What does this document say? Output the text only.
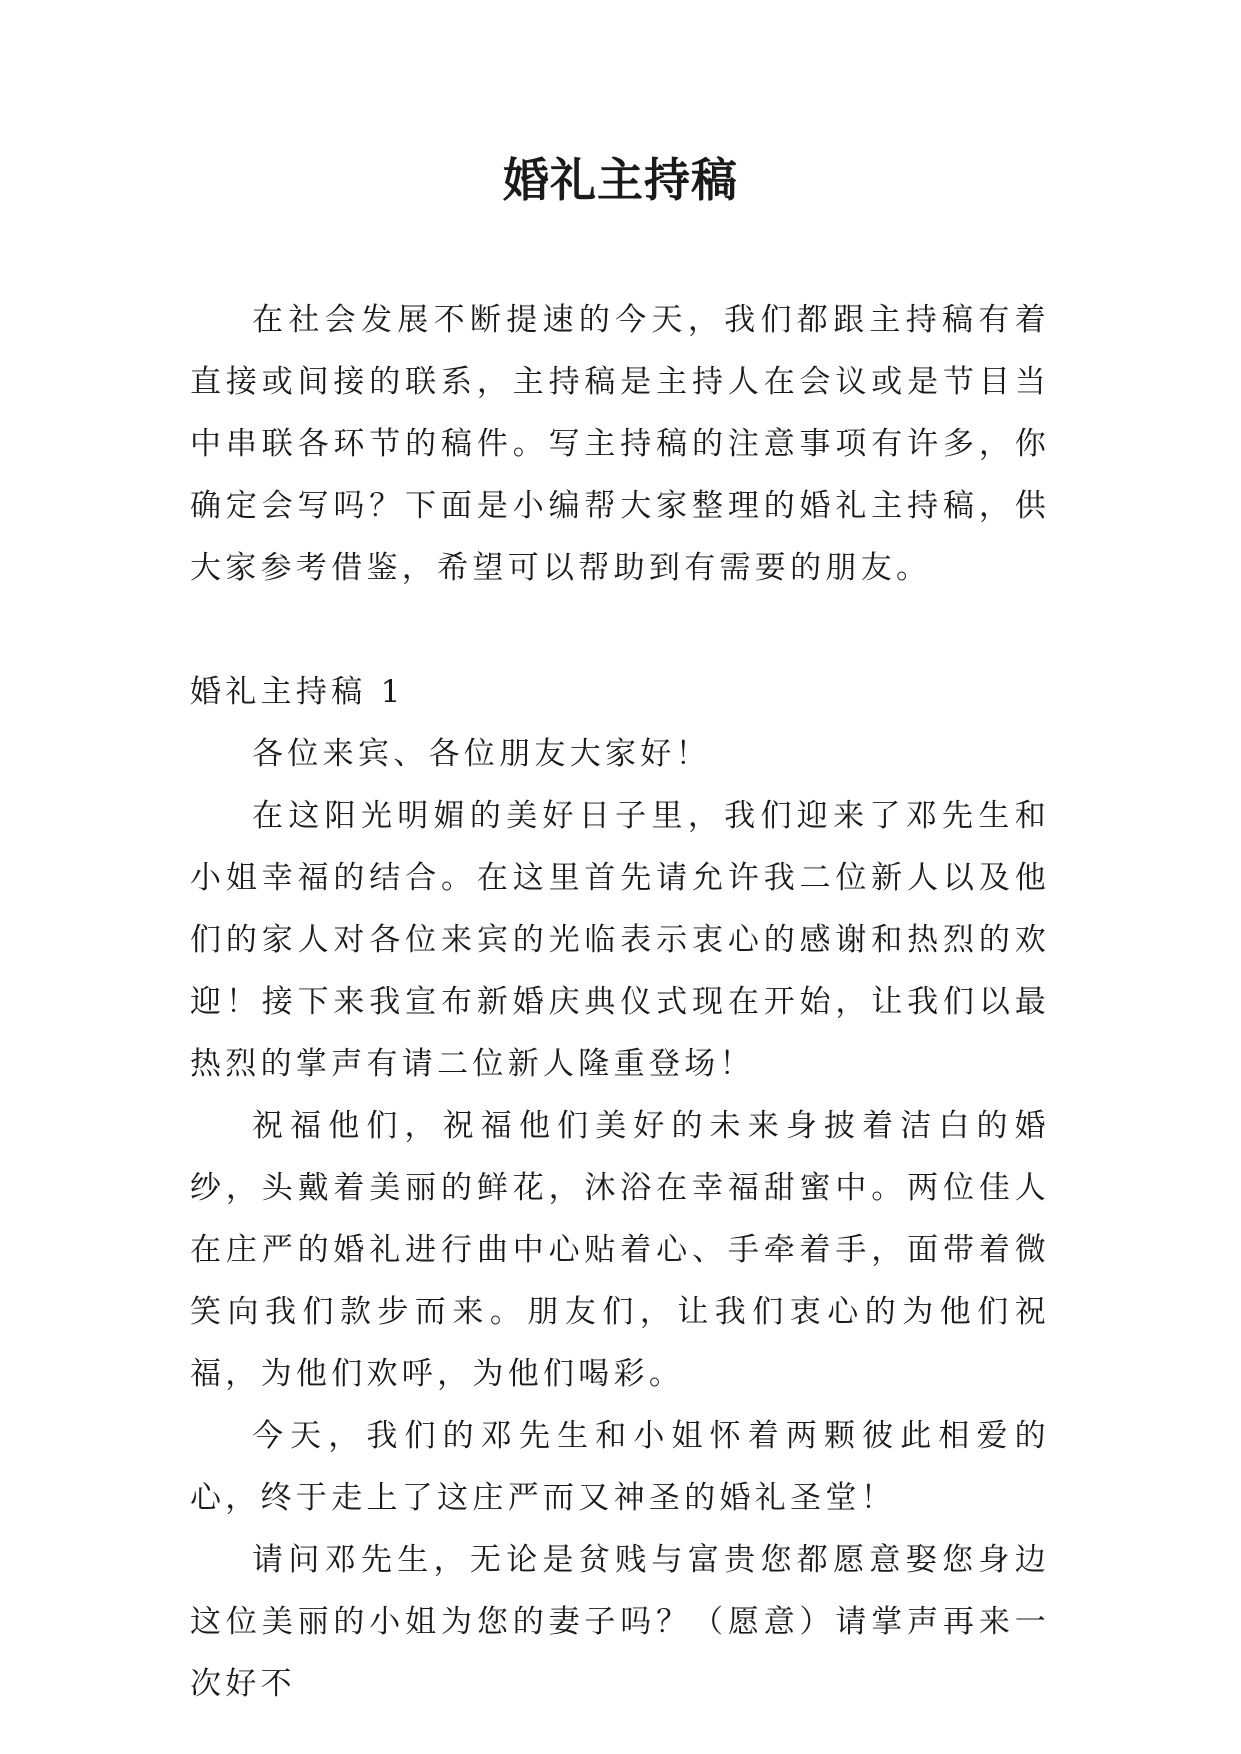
婚礼主持稿

在社会发展不断提速的今天，我们都跟主持稿有着直接或间接的联系，主持稿是主持人在会议或是节目当中串联各环节的稿件。写主持稿的注意事项有许多，你确定会写吗？下面是小编帮大家整理的婚礼主持稿，供大家参考借鉴，希望可以帮助到有需要的朋友。

婚礼主持稿 1

各位来宾、各位朋友大家好！

在这阳光明媚的美好日子里，我们迎来了邓先生和小姐幸福的结合。在这里首先请允许我二位新人以及他们的家人对各位来宾的光临表示衷心的感谢和热烈的欢迎！接下来我宣布新婚庆典仪式现在开始，让我们以最热烈的掌声有请二位新人隆重登场！

祝福他们，祝福他们美好的未来身披着洁白的婚纱，头戴着美丽的鲜花，沐浴在幸福甜蜜中。两位佳人在庄严的婚礼进行曲中心贴着心、手牵着手，面带着微笑向我们款步而来。朋友们，让我们衷心的为他们祝福，为他们欢呼，为他们喝彩。

今天，我们的邓先生和小姐怀着两颗彼此相爱的心，终于走上了这庄严而又神圣的婚礼圣堂！

请问邓先生，无论是贫贱与富贵您都愿意娶您身边这位美丽的小姐为您的妻子吗？（愿意）请掌声再来一次好不
